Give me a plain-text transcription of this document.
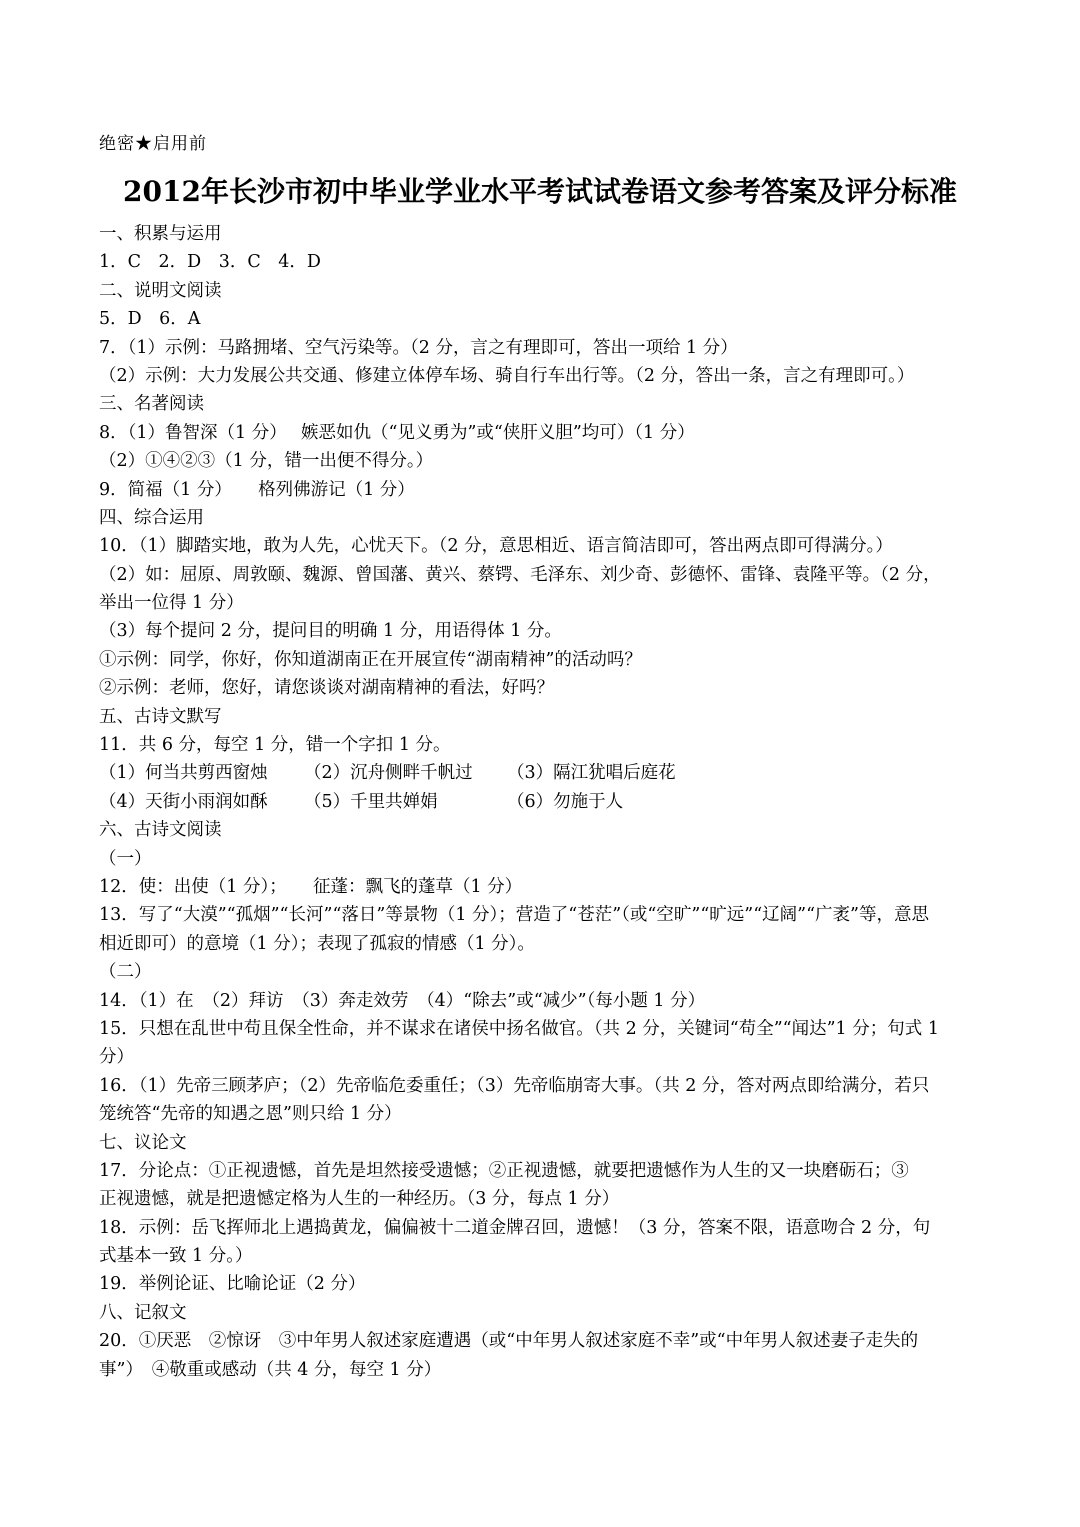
绝密★启用前
2012年长沙市初中毕业学业水平考试试卷语文参考答案及评分标准
一、积累与运用
1．C　2．D　3．C　4．D
二、说明文阅读
5．D　6．A
7．（1）示例：马路拥堵、空气污染等。（2 分，言之有理即可，答出一项给 1 分）
（2）示例：大力发展公共交通、修建立体停车场、骑自行车出行等。（2 分，答出一条，言之有理即可。）
三、名著阅读
8．（1）鲁智深（1 分）　 嫉恶如仇（“见义勇为”或“侠肝义胆”均可）（1 分）
（2）①④②③（1 分，错一出便不得分。）
9．简福（1 分）　　格列佛游记（1 分）
四、综合运用
10．（1）脚踏实地，敢为人先，心忧天下。（2 分，意思相近、语言简洁即可，答出两点即可得满分。）
（2）如：屈原、周敦颐、魏源、曾国藩、黄兴、蔡锷、毛泽东、刘少奇、彭德怀、雷锋、袁隆平等。（2 分，
举出一位得 1 分）
（3）每个提问 2 分，提问目的明确 1 分，用语得体 1 分。
①示例：同学，你好，你知道湖南正在开展宣传“湖南精神”的活动吗？
②示例：老师，您好，请您谈谈对湖南精神的看法，好吗？
五、古诗文默写
11．共 6 分，每空 1 分，错一个字扣 1 分。
（1）何当共剪西窗烛	（2）沉舟侧畔千帆过	（3）隔江犹唱后庭花
（4）天街小雨润如酥	（5）千里共婵娟	（6）勿施于人
六、古诗文阅读
（一）
12．使：出使（1 分）；　　征蓬：飘飞的蓬草（1 分）
13．写了“大漠”“孤烟”“长河”“落日”等景物（1 分）；营造了“苍茫”（或“空旷”“旷远”“辽阔”“广袤”等，意思
相近即可）的意境（1 分）；表现了孤寂的情感（1 分）。
（二）
14．（1）在　（2）拜访　（3）奔走效劳　（4）“除去”或“减少”（每小题 1 分）
15．只想在乱世中苟且保全性命，并不谋求在诸侯中扬名做官。（共 2 分，关键词“苟全”“闻达”1 分；句式 1
分）
16．（1）先帝三顾茅庐；（2）先帝临危委重任；（3）先帝临崩寄大事。（共 2 分，答对两点即给满分，若只
笼统答“先帝的知遇之恩”则只给 1 分）
七、议论文
17．分论点：①正视遗憾，首先是坦然接受遗憾；②正视遗憾，就要把遗憾作为人生的又一块磨砺石；③
正视遗憾，就是把遗憾定格为人生的一种经历。（3 分，每点 1 分）
18．示例：岳飞挥师北上遇捣黄龙，偏偏被十二道金牌召回，遗憾！（3 分，答案不限，语意吻合 2 分，句
式基本一致 1 分。）
19．举例论证、比喻论证（2 分）
八、记叙文
20．①厌恶　②惊讶　③中年男人叙述家庭遭遇（或“中年男人叙述家庭不幸”或“中年男人叙述妻子走失的
事”）　④敬重或感动（共 4 分，每空 1 分）
